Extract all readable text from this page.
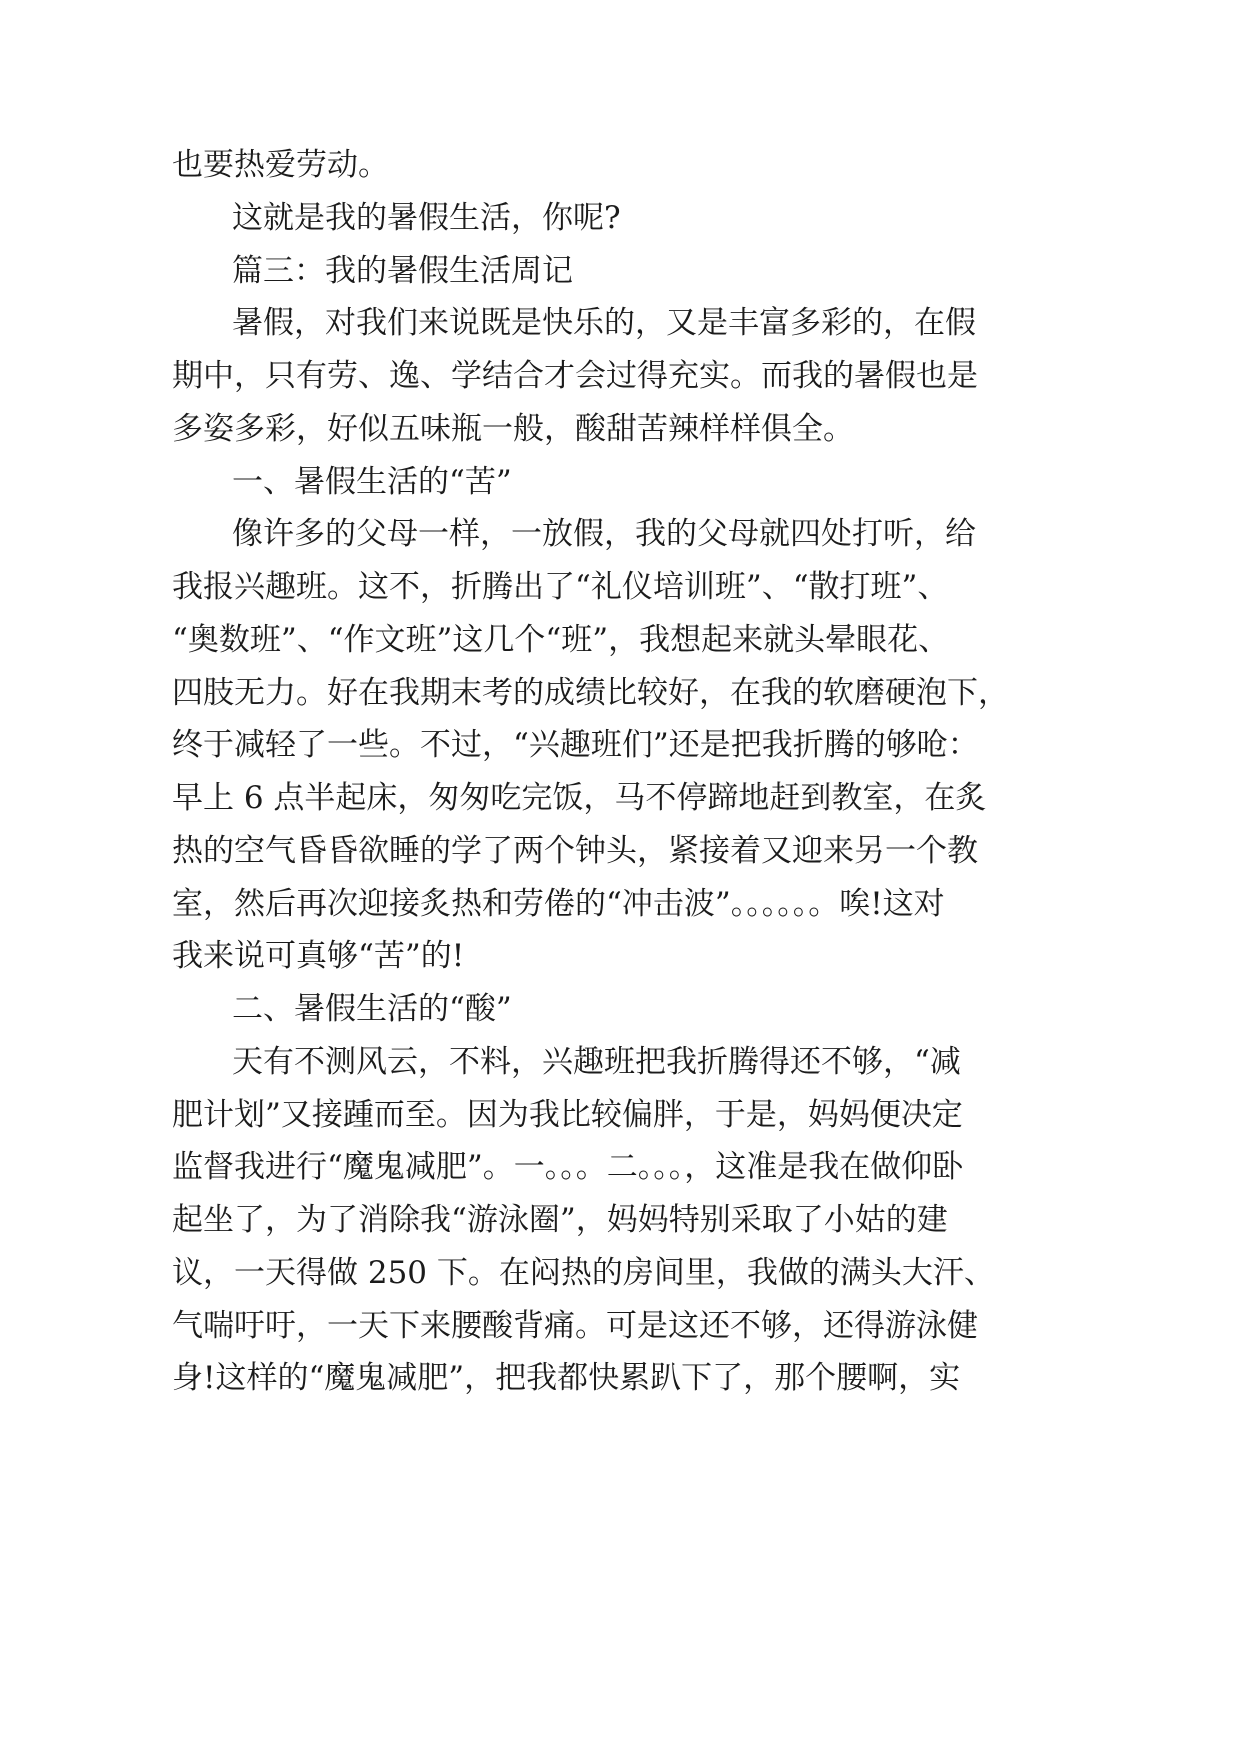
也要热爱劳动。
这就是我的暑假生活，你呢?
篇三：我的暑假生活周记
暑假，对我们来说既是快乐的，又是丰富多彩的，在假
期中，只有劳、逸、学结合才会过得充实。而我的暑假也是
多姿多彩，好似五味瓶一般，酸甜苦辣样样俱全。
一、暑假生活的“苦”
像许多的父母一样，一放假，我的父母就四处打听，给
我报兴趣班。这不，折腾出了“礼仪培训班”、“散打班”、
“奥数班”、“作文班”这几个“班”，我想起来就头晕眼花、
四肢无力。好在我期末考的成绩比较好，在我的软磨硬泡下，
终于减轻了一些。不过，“兴趣班们”还是把我折腾的够呛：
早上 6 点半起床，匆匆吃完饭，马不停蹄地赶到教室，在炙
热的空气昏昏欲睡的学了两个钟头，紧接着又迎来另一个教
室，然后再次迎接炙热和劳倦的“冲击波”。。。。。。唉!这对
我来说可真够“苦”的!
二、暑假生活的“酸”
天有不测风云，不料，兴趣班把我折腾得还不够，“减
肥计划”又接踵而至。因为我比较偏胖，于是，妈妈便决定
监督我进行“魔鬼减肥”。一。。。二。。。，这准是我在做仰卧
起坐了，为了消除我“游泳圈”，妈妈特别采取了小姑的建
议，一天得做 250 下。在闷热的房间里，我做的满头大汗、
气喘吁吁，一天下来腰酸背痛。可是这还不够，还得游泳健
身!这样的“魔鬼减肥”，把我都快累趴下了，那个腰啊，实
